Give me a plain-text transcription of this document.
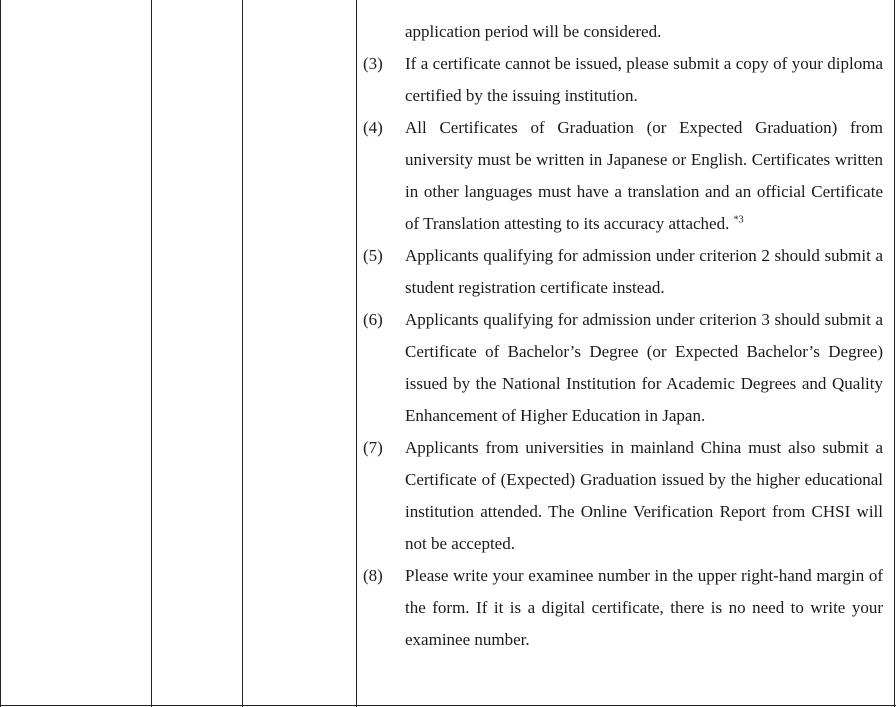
application period will be considered.
(3)	If a certificate cannot be issued, please submit a copy of your diploma certified by the issuing institution.
(4)	All Certificates of Graduation (or Expected Graduation) from university must be written in Japanese or English. Certificates written in other languages must have a translation and an official Certificate of Translation attesting to its accuracy attached. $^{*3}$
(5)	Applicants qualifying for admission under criterion 2 should submit a student registration certificate instead.
(6)	Applicants qualifying for admission under criterion 3 should submit a Certificate of Bachelor’s Degree (or Expected Bachelor’s Degree) issued by the National Institution for Academic Degrees and Quality Enhancement of Higher Education in Japan.
(7)	Applicants from universities in mainland China must also submit a Certificate of (Expected) Graduation issued by the higher educational institution attended. The Online Verification Report from CHSI will not be accepted.
(8)	Please write your examinee number in the upper right-hand margin of the form. If it is a digital certificate, there is no need to write your examinee number.
